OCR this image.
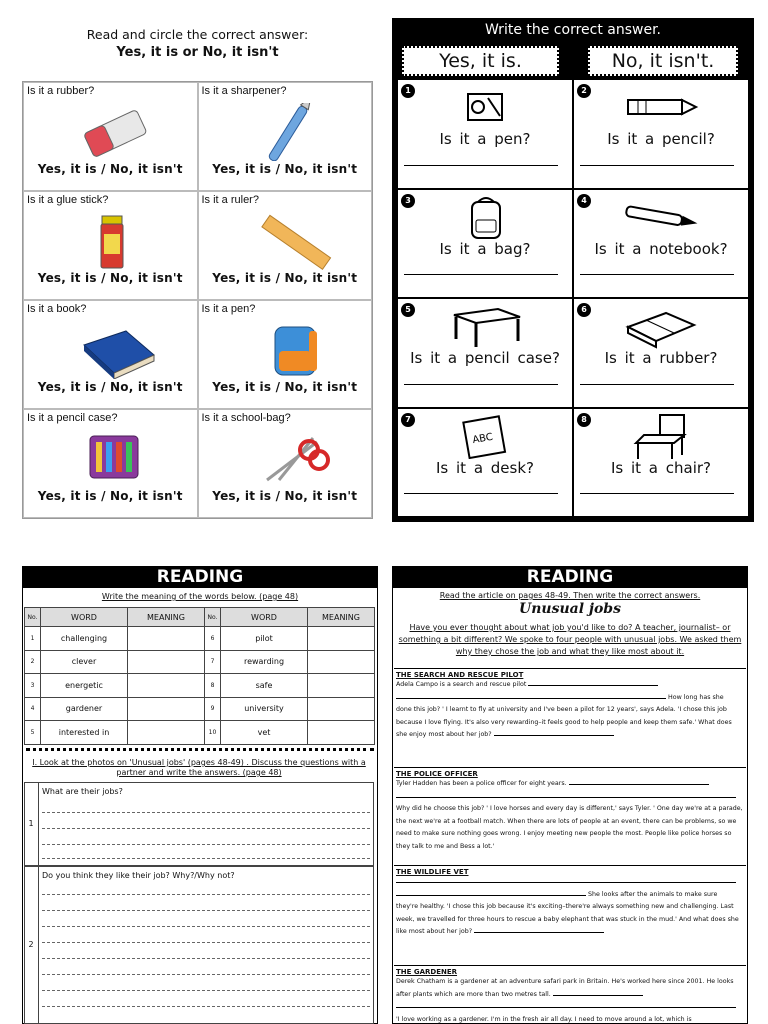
Read and circle the correct answer:
Yes, it is or No, it isn't
Is it a rubber?
Yes, it is / No, it isn't
Is it a sharpener?
Yes, it is / No, it isn't
Is it a glue stick?
Yes, it is / No, it isn't
Is it a ruler?
Yes, it is / No, it isn't
Is it a book?
Yes, it is / No, it isn't
Is it a pen?
Yes, it is / No, it isn't
Is it a pencil case?
Yes, it is / No, it isn't
Is it a school-bag?
Yes, it is / No, it isn't
Write the correct answer.
Yes, it is.	No, it isn't.
1
Is it a pen?
2
Is it a pencil?
3
Is it a bag?
4
Is it a notebook?
5
Is it a pencil case?
6
Is it a rubber?
7
ABC
Is it a desk?
8
Is it a chair?
READING
Write the meaning of the words below. (page 48)
No.	WORD	MEANING	No.	WORD	MEANING
1	challenging		6	pilot	
2	clever		7	rewarding	
3	energetic		8	safe	
4	gardener		9	university	
5	interested in		10	vet	
I. Look at the photos on 'Unusual jobs' (pages 48-49) . Discuss the questions with a partner and write the answers. (page 48)
1
What are their jobs?
2
Do you think they like their job? Why?/Why not?
READING
Read the article on pages 48-49. Then write the correct answers.
Unusual jobs
Have you ever thought about what job you'd like to do? A teacher, journalist– or something a bit different? We spoke to four people with unusual jobs. We asked them why they chose the job and what they like most about it.
THE SEARCH AND RESCUE PILOT
Adela Campo is a search and rescue pilot
How long has she
done this job? ' I learnt to fly at university and I've been a pilot for 12 years', says Adela. 'I chose this job because I love flying. It's also very rewarding–it feels good to help people and keep them safe.' What does she enjoy most about her job?
THE POLICE OFFICER
Tyler Hadden has been a police officer for eight years.

Why did he choose this job? ' I love horses and every day is different,' says Tyler. ' One day we're at a parade, the next we're at a football match. When there are lots of people at an event, there can be problems, so we need to make sure nothing goes wrong. I enjoy meeting new people the most. People like police horses so they talk to me and Bess a lot.'
THE WILDLIFE VET

She looks after the animals to make sure
they're healthy. 'I chose this job because it's exciting–there're always something new and challenging. Last week, we travelled for three hours to rescue a baby elephant that was stuck in the mud.' And what does she like most about her job?
THE GARDENER
Derek Chatham is a gardener at an adventure safari park in Britain. He's worked here since 2001. He looks after plants which are more than two metres tall.

'I love working as a gardener. I'm in the fresh air all day. I need to move around a lot, which is
